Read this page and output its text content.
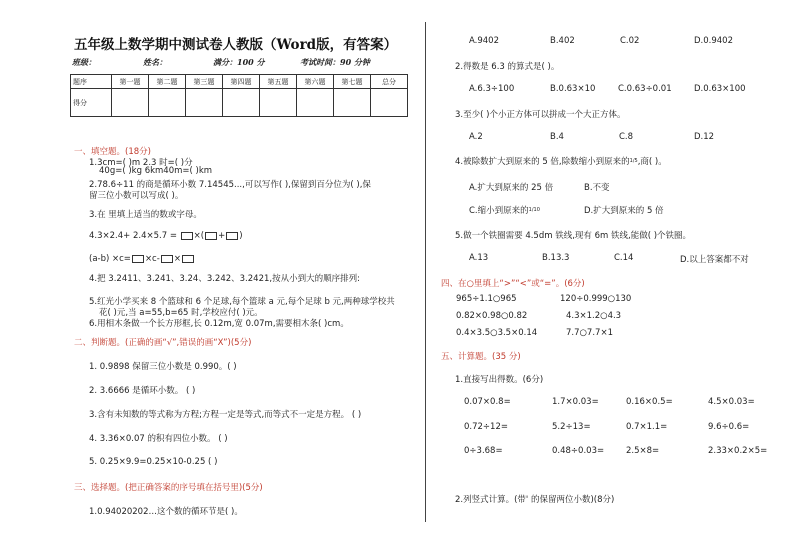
五年级上数学期中测试卷人教版（Word版，有答案）
班级：	姓名：	满分：100 分	考试时间：90 分钟
题序	第一题	第二题	第三题	第四题	第五题	第六题	第七题	总分
得分								
一、填空题。(18分)
1.3cm=( )m 2.3 时=( )分
40g=( )kg 6km40m=( )km
2.78.6÷11 的商是循环小数 7.14545...,可以写作( ),保留到百分位为( ),保
留三位小数可以写成( )。
3.在 里填上适当的数或字母。
4.3×2.4+ 2.4×5.7 = ×( + )
(a-b) ×c= ×c- ×
4.把 3.2411、3.241、3.24、3.242、3.2421,按从小到大的顺序排列:
5.红光小学买来 8 个篮球和 6 个足球,每个篮球 a 元,每个足球 b 元,两种球学校共
花( )元,当 a=55,b=65 时,学校应付( )元。
6.用相木条做一个长方形框,长 0.12m,宽 0.07m,需要相木条( )cm。
二、判断题。(正确的画“√”,错误的画“X”)(5分)
1. 0.9898 保留三位小数是 0.990。( )
2. 3.6666 是循环小数。 ( )
3.含有未知数的等式称为方程;方程一定是等式,而等式不一定是方程。 ( )
4. 3.36×0.07 的积有四位小数。 ( )
5. 0.25×9.9=0.25×10-0.25 ( )
三、选择题。(把正确答案的序号填在括号里)(5分)
1.0.94020202…这个数的循环节是( )。
A.9402	B.402	C.02	D.0.9402
2.得数是 6.3 的算式是( )。
A.6.3÷100	B.0.63×10	C.0.63÷0.01	D.0.63×100
3.至少( )个小正方体可以拼成一个大正方体。
A.2	B.4	C.8	D.12
4.被除数扩大到原来的 5 倍,除数缩小到原来的1/5,商( )。
A.扩大到原来的 25 倍	B.不变
C.缩小到原来的1/10	D.扩大到原来的 5 倍
5.做一个铁圈需要 4.5dm 铁线,现有 6m 铁线,能做( )个铁圈。
A.13	B.13.3	C.14	D.以上答案都不对
四、在○里填上“>”“<”或“=”。(6分)
965÷1.1○965	120÷0.999○130
0.82×0.98○0.82	4.3×1.2○4.3
0.4×3.5○3.5×0.14	7.7○7.7×1
五、计算题。(35 分)
1.直接写出得数。(6分)
0.07×0.8=	1.7×0.03=	0.16×0.5=	4.5×0.03=
0.72÷12=	5.2÷13=	0.7×1.1=	9.6÷0.6=
0÷3.68=	0.48÷0.03=	2.5×8=	2.33×0.2×5=
2.列竖式计算。(带' 的保留两位小数)(8分)
